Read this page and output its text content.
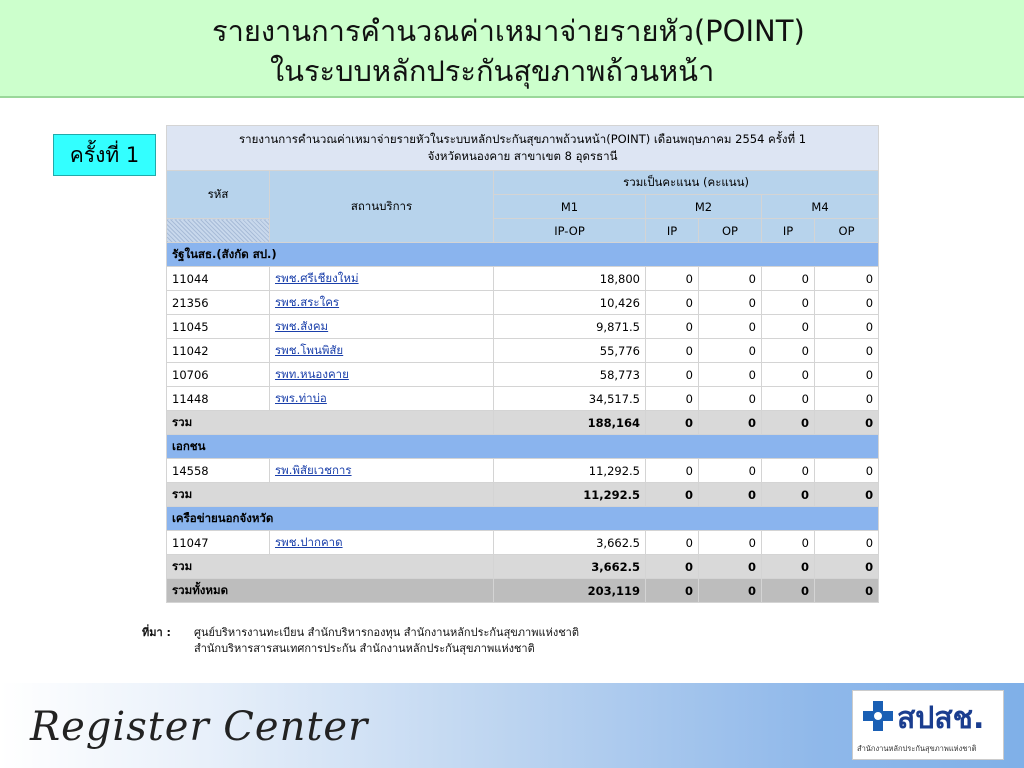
รายงานการคำนวณค่าเหมาจ่ายรายหัว(POINT)
ในระบบหลักประกันสุขภาพถ้วนหน้า
ครั้งที่ 1
รายงานการคำนวณค่าเหมาจ่ายรายหัวในระบบหลักประกันสุขภาพถ้วนหน้า(POINT) เดือนพฤษภาคม 2554 ครั้งที่ 1
จังหวัดหนองคาย สาขาเขต 8 อุดรธานี						

รหัส	สถานบริการ	รวมเป็นคะแนน (คะแนน)				
		M1	M2		M4	
		IP-OP	IP	OP	IP	OP
รัฐในสธ.(สังกัด สป.)						
11044	รพช.ศรีเชียงใหม่	18,800	0	0	0	0
21356	รพช.สระใคร	10,426	0	0	0	0
11045	รพช.สังคม	9,871.5	0	0	0	0
11042	รพช.โพนพิสัย	55,776	0	0	0	0
10706	รพท.หนองคาย	58,773	0	0	0	0
11448	รพร.ท่าบ่อ	34,517.5	0	0	0	0
รวม		188,164	0	0	0	0
เอกชน						
14558	รพ.พิสัยเวชการ	11,292.5	0	0	0	0
รวม		11,292.5	0	0	0	0
เครือข่ายนอกจังหวัด						
11047	รพช.ปากคาด	3,662.5	0	0	0	0
รวม		3,662.5	0	0	0	0
รวมทั้งหมด		203,119	0	0	0	0
ที่มา : ศูนย์บริหารงานทะเบียน สำนักบริหารกองทุน สำนักงานหลักประกันสุขภาพแห่งชาติ
สำนักบริหารสารสนเทศการประกัน สำนักงานหลักประกันสุขภาพแห่งชาติ
Register Center	สปสช.
สำนักงานหลักประกันสุขภาพแห่งชาติ
